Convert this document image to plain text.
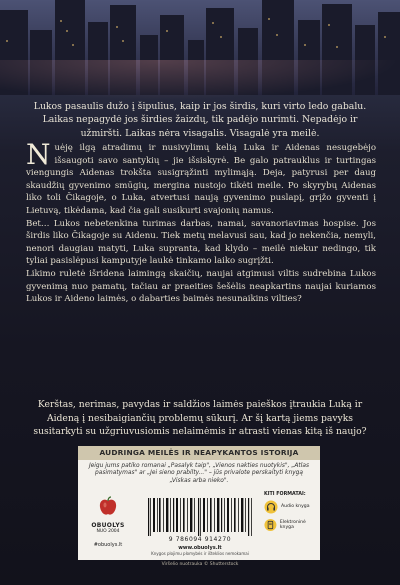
Lukos pasaulis dužo į šipulius, kaip ir jos širdis, kuri virto ledo gabalu. Laikas nepagydė jos širdies žaizdų, tik padėjo nurimti. Nepadėjo ir užmiršti. Laikas nėra visagalis. Visagalė yra meilė.
N uėję ilgą atradimų ir nusivylimų kelią Luka ir Aidenas nesugebėjo išsaugoti savo santykių – jie išsiskyrė. Be galo patrauklus ir turtingas viengungis Aidenas trokšta susigrąžinti mylimąją. Deja, patyrusi per daug skaudžių gyvenimo smūgių, mergina nustojo tikėti meile. Po skyrybų Aidenas liko toli Čikagoje, o Luka, atvertusi naują gyvenimo puslapį, grįžo gyventi į Lietuvą, tikėdama, kad čia gali susikurti svajonių namus.

Bet… Lukos nebetenkina turimas darbas, namai, savanoriavimas hospise. Jos širdis liko Čikagoje su Aidenu. Tiek metų melavusi sau, kad jo nekenčia, nemyli, nenori daugiau matyti, Luka supranta, kad klydo – meilė niekur nedingo, tik tyliai pasislėpusi kamputyje laukė tinkamo laiko sugrįžti.

Likimo ruletė išridena laimingą skaičių, naujai atgimusi viltis sudrebina Lukos gyvenimą nuo pamatų, tačiau ar praeities šešėlis neapkartins naujai kuriamos Lukos ir Aideno laimės, o dabarties baimės nesunaikins vilties?

Kerštas, nerimas, pavydas ir saldžios laimės paieškos įtraukia Luką ir Aideną į nesibaigiančių problemų sūkurį. Ar šį kartą jiems pavyks susitarkyti su užgriuvusiomis nelaimėmis ir atrasti vienas kitą iš naujo?
AUDRINGA MEILĖS IR NEAPYKANTOS ISTORIJA
Jeigu jums patiko romanai „Pasalyk taip", „Vienos nakties nuotykis", „Atlas pasimatymas" ar „Jei sieno prabilty..." – jūs privalote perskaityti knygą „Viskas arba nieko".
OBUOLYS
NUO 2004
#obuolys.lt
9 786094 914270
www.obuolys.lt
Knygos plojimu plomybės ir išteklios nemokamai
KITI FORMATAI:
Audio knyga
Elektroninė knyga
Viršelio nuotrauka © Shutterstock
